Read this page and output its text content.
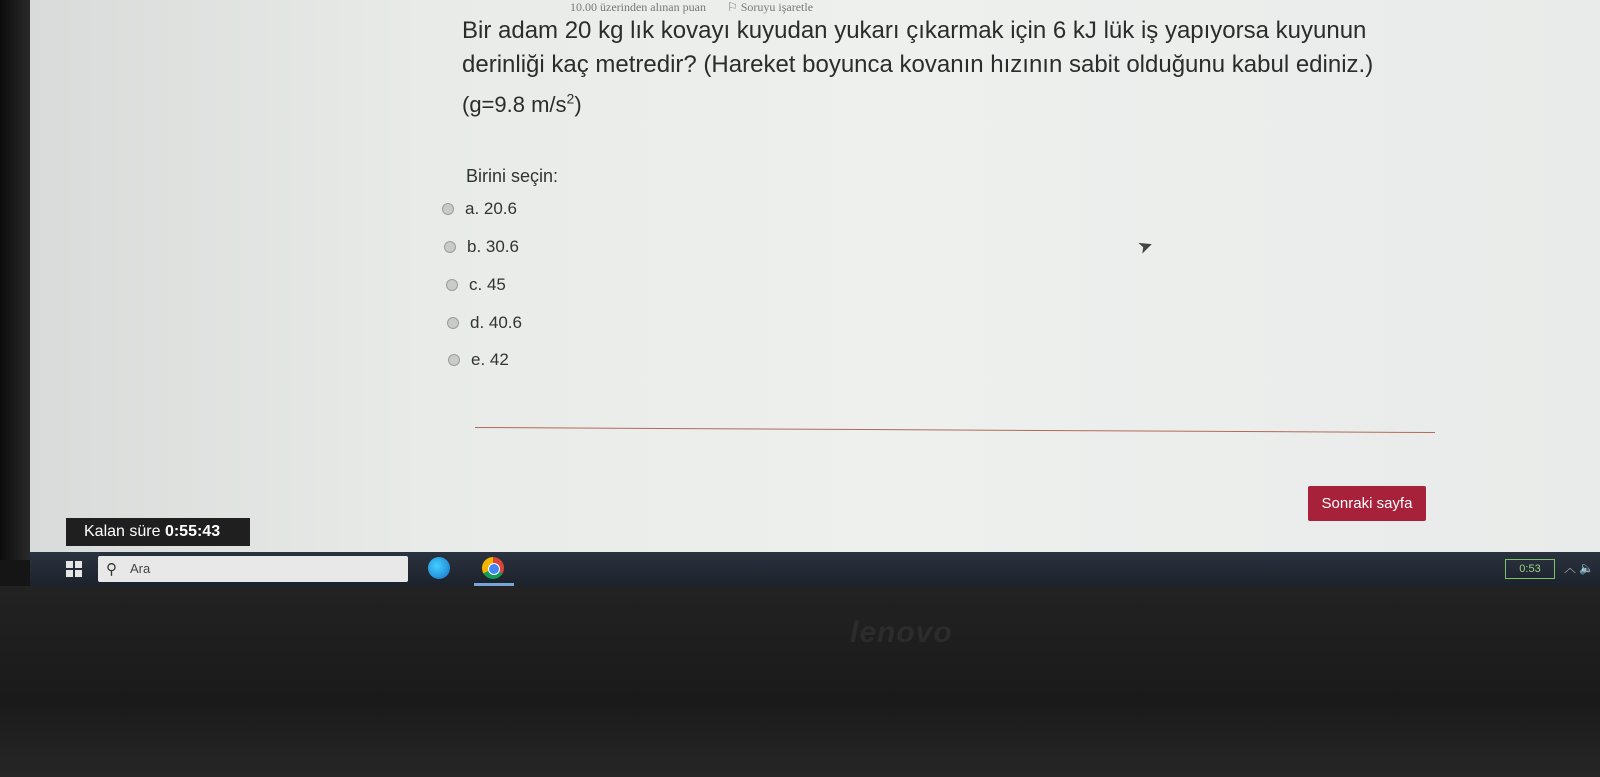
10.00 üzerinden alınan puan ⚐ Soruyu işaretle
Bir adam 20 kg lık kovayı kuyudan yukarı çıkarmak için 6 kJ lük iş yapıyorsa kuyunun derinliği kaç metredir? (Hareket boyunca kovanın hızının sabit olduğunu kabul ediniz.)
(g=9.8 $m/s^2$)
Birini seçin:
a. 20.6
b. 30.6
c. 45
d. 40.6
e. 42
➤
Sonraki sayfa
Kalan süre 0:55:43
⚲ Ara	0:53	︿ 🔈
lenovo
